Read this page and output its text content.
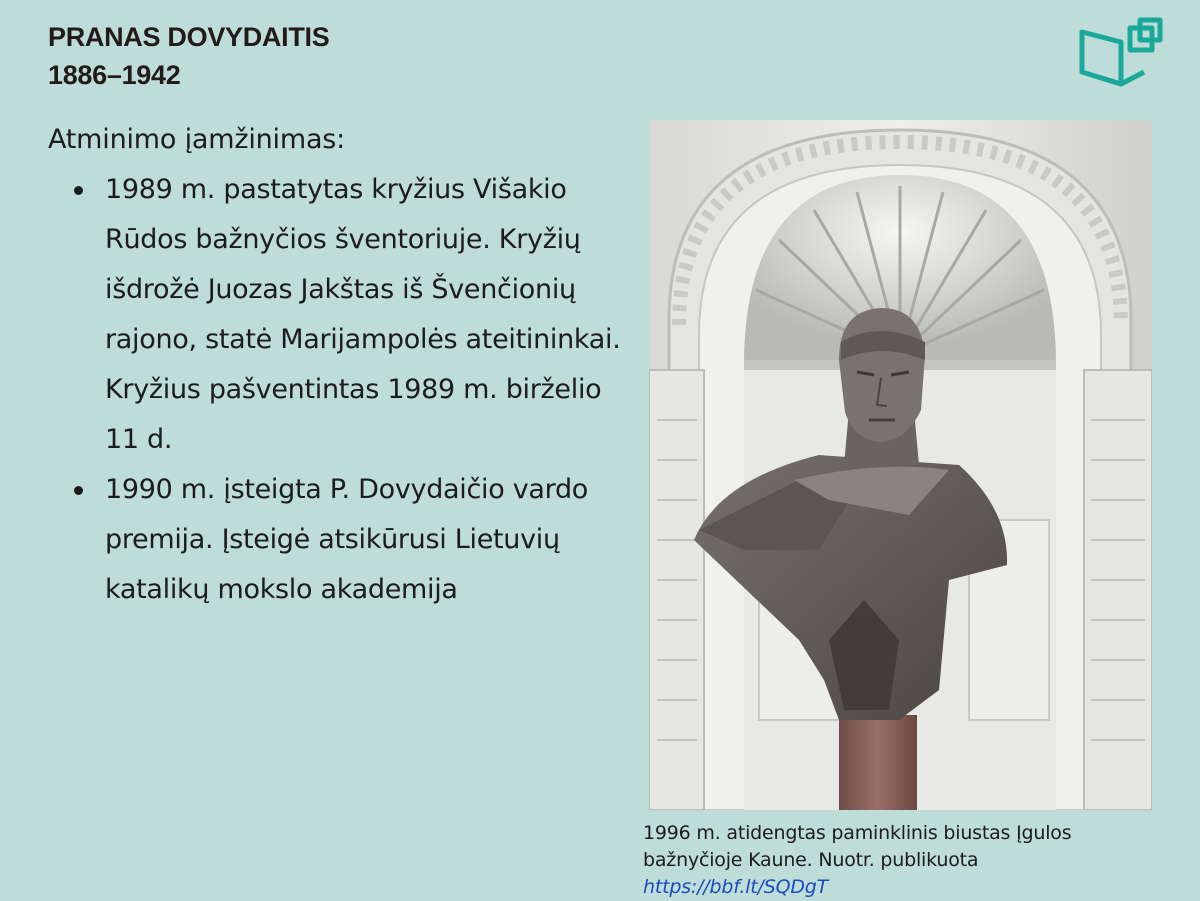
PRANAS DOVYDAITIS
1886–1942
Atminimo įamžinimas:
1989 m. pastatytas kryžius Višakio Rūdos bažnyčios šventoriuje. Kryžių išdrožė Juozas Jakštas iš Švenčionių rajono, statė Marijampolės ateitininkai. Kryžius pašventintas 1989 m. birželio 11 d.
1990 m. įsteigta P. Dovydaičio vardo premija. Įsteigė atsikūrusi Lietuvių katalikų mokslo akademija
1996 m. atidengtas paminklinis biustas Įgulos bažnyčioje Kaune. Nuotr. publikuota
https://bbf.lt/SQDgT
